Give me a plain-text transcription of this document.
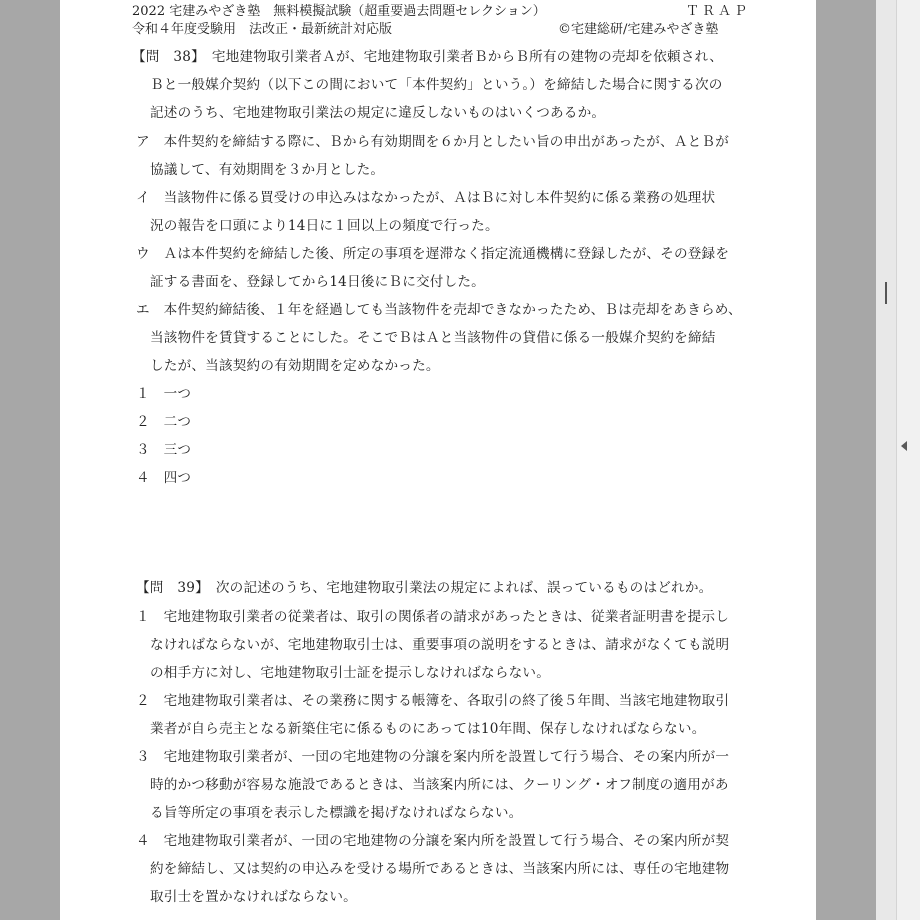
2022 宅建みやざき塾　無料模擬試験（超重要過去問題セレクション）	ＴＲＡＰ
令和４年度受験用　法改正・最新統計対応版	©宅建総研/宅建みやざき塾
【問　38】　宅地建物取引業者Ａが、宅地建物取引業者ＢからＢ所有の建物の売却を依頼され、
Ｂと一般媒介契約（以下この間において「本件契約」という。）を締結した場合に関する次の
記述のうち、宅地建物取引業法の規定に違反しないものはいくつあるか。
ア　本件契約を締結する際に、Ｂから有効期間を６か月としたい旨の申出があったが、ＡとＢが
協議して、有効期間を３か月とした。
イ　当該物件に係る買受けの申込みはなかったが、ＡはＢに対し本件契約に係る業務の処理状
況の報告を口頭により14日に１回以上の頻度で行った。
ウ　Ａは本件契約を締結した後、所定の事項を遅滞なく指定流通機構に登録したが、その登録を
証する書面を、登録してから14日後にＢに交付した。
エ　本件契約締結後、１年を経過しても当該物件を売却できなかったため、Ｂは売却をあきらめ、
当該物件を賃貸することにした。そこでＢはＡと当該物件の貸借に係る一般媒介契約を締結
したが、当該契約の有効期間を定めなかった。
１　一つ
２　二つ
３　三つ
４　四つ
【問　39】　次の記述のうち、宅地建物取引業法の規定によれば、誤っているものはどれか。
１　宅地建物取引業者の従業者は、取引の関係者の請求があったときは、従業者証明書を提示し
なければならないが、宅地建物取引士は、重要事項の説明をするときは、請求がなくても説明
の相手方に対し、宅地建物取引士証を提示しなければならない。
２　宅地建物取引業者は、その業務に関する帳簿を、各取引の終了後５年間、当該宅地建物取引
業者が自ら売主となる新築住宅に係るものにあっては10年間、保存しなければならない。
３　宅地建物取引業者が、一団の宅地建物の分譲を案内所を設置して行う場合、その案内所が一
時的かつ移動が容易な施設であるときは、当該案内所には、クーリング・オフ制度の適用があ
る旨等所定の事項を表示した標識を掲げなければならない。
４　宅地建物取引業者が、一団の宅地建物の分譲を案内所を設置して行う場合、その案内所が契
約を締結し、又は契約の申込みを受ける場所であるときは、当該案内所には、専任の宅地建物
取引士を置かなければならない。
